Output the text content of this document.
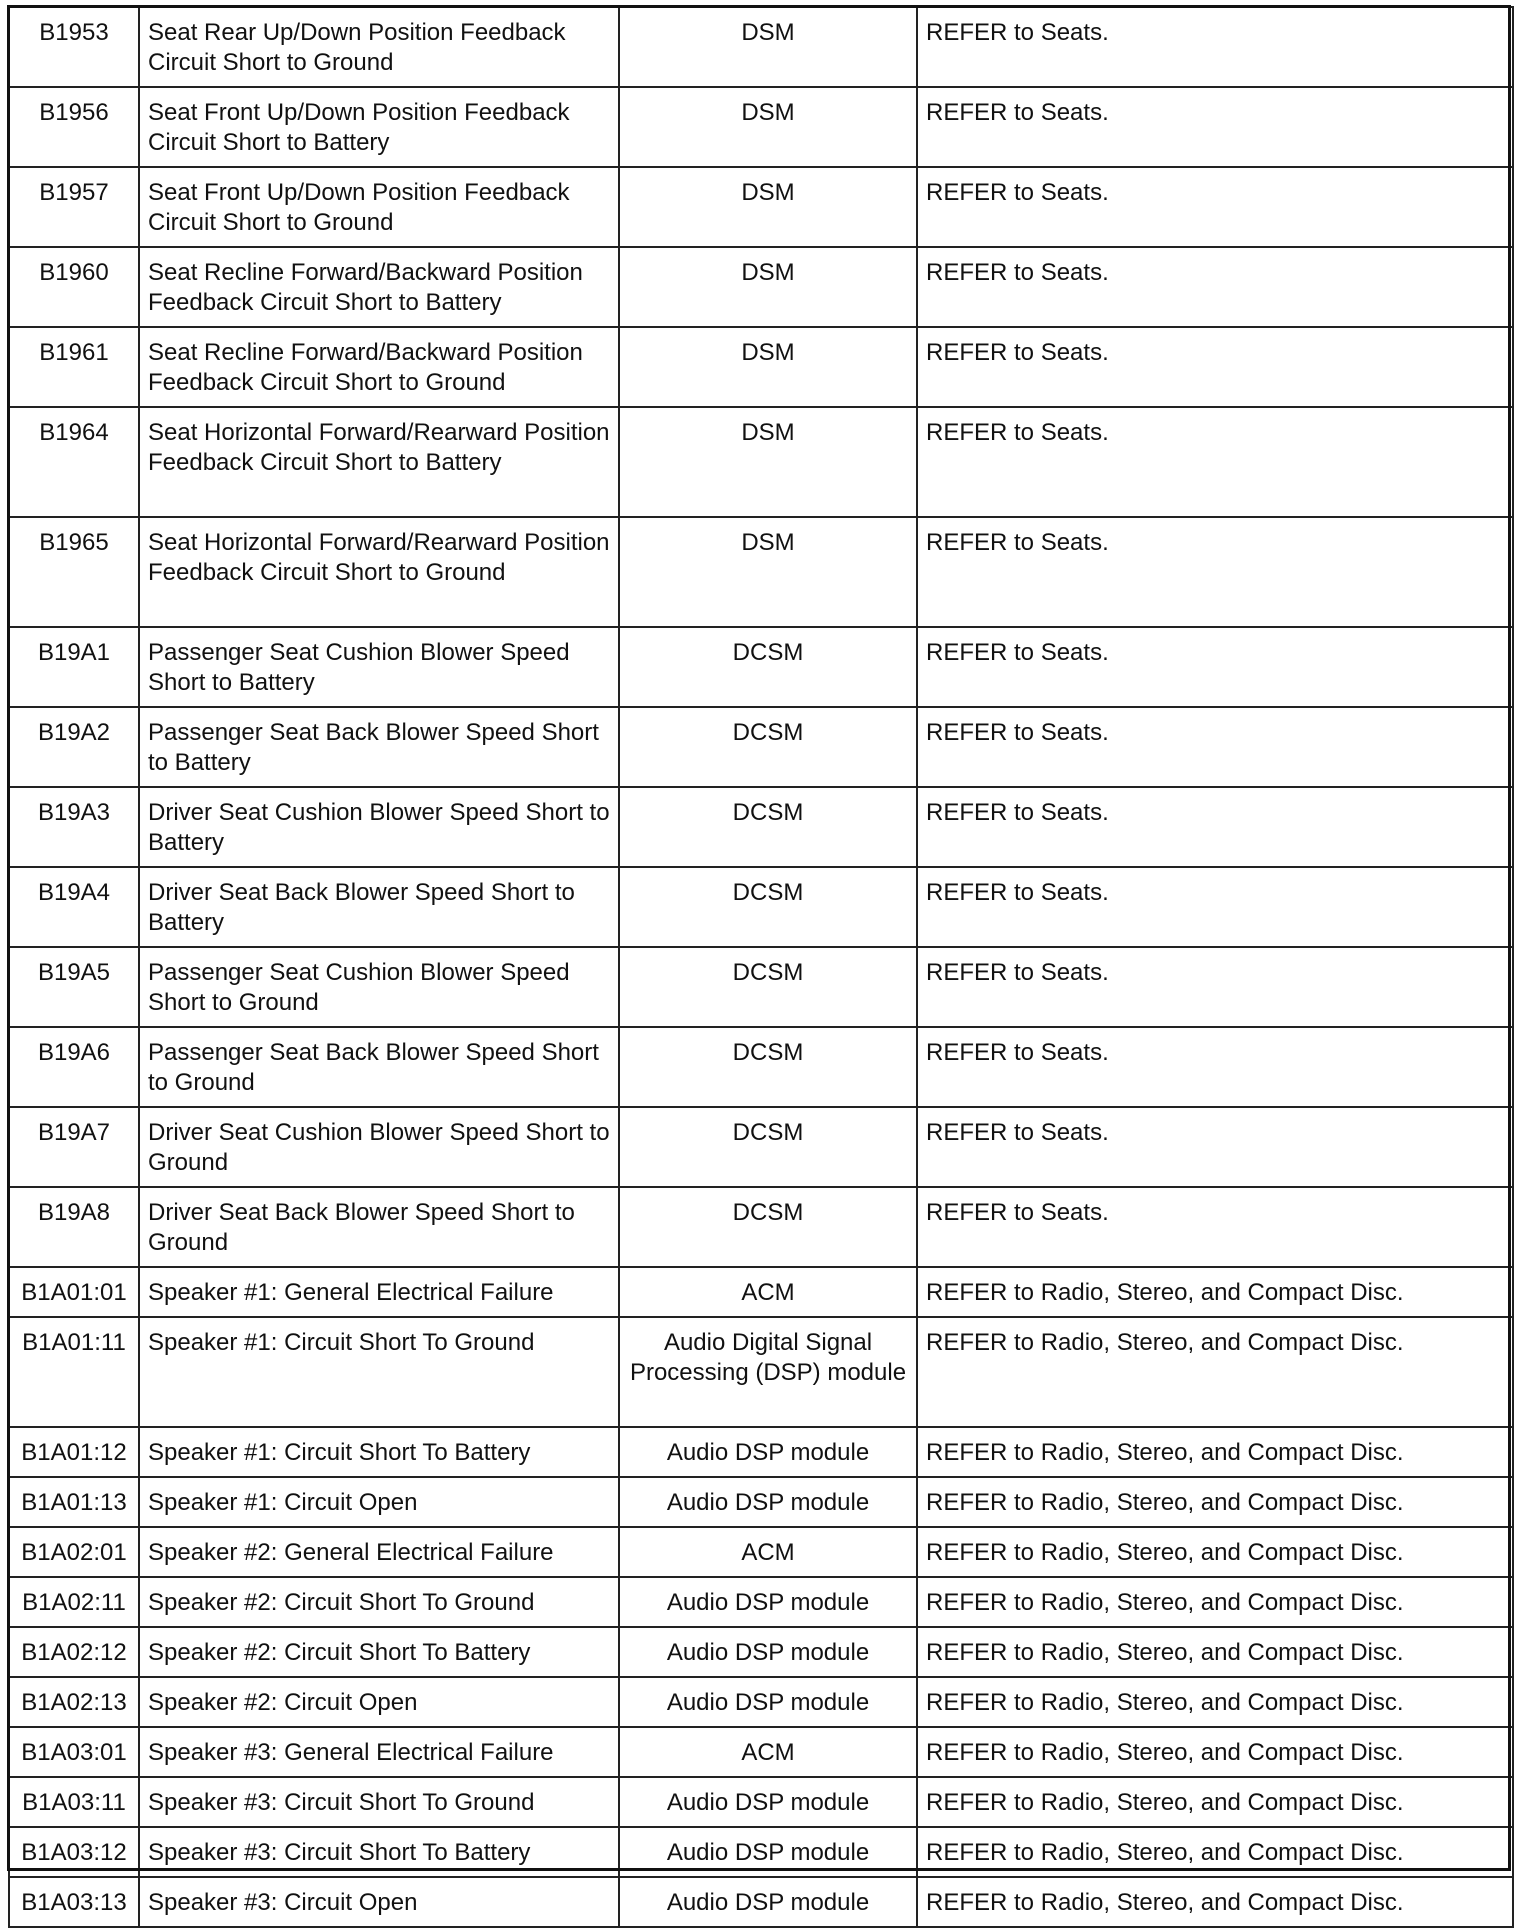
B1953	Seat Rear Up/Down Position Feedback Circuit Short to Ground	DSM	REFER to Seats.
B1956	Seat Front Up/Down Position Feedback Circuit Short to Battery	DSM	REFER to Seats.
B1957	Seat Front Up/Down Position Feedback Circuit Short to Ground	DSM	REFER to Seats.
B1960	Seat Recline Forward/Backward Position Feedback Circuit Short to Battery	DSM	REFER to Seats.
B1961	Seat Recline Forward/Backward Position Feedback Circuit Short to Ground	DSM	REFER to Seats.
B1964	Seat Horizontal Forward/Rearward Position Feedback Circuit Short to Battery	DSM	REFER to Seats.
B1965	Seat Horizontal Forward/Rearward Position Feedback Circuit Short to Ground	DSM	REFER to Seats.
B19A1	Passenger Seat Cushion Blower Speed Short to Battery	DCSM	REFER to Seats.
B19A2	Passenger Seat Back Blower Speed Short to Battery	DCSM	REFER to Seats.
B19A3	Driver Seat Cushion Blower Speed Short to Battery	DCSM	REFER to Seats.
B19A4	Driver Seat Back Blower Speed Short to Battery	DCSM	REFER to Seats.
B19A5	Passenger Seat Cushion Blower Speed Short to Ground	DCSM	REFER to Seats.
B19A6	Passenger Seat Back Blower Speed Short to Ground	DCSM	REFER to Seats.
B19A7	Driver Seat Cushion Blower Speed Short to Ground	DCSM	REFER to Seats.
B19A8	Driver Seat Back Blower Speed Short to Ground	DCSM	REFER to Seats.
B1A01:01	Speaker #1: General Electrical Failure	ACM	REFER to Radio, Stereo, and Compact Disc.
B1A01:11	Speaker #1: Circuit Short To Ground	Audio Digital Signal Processing (DSP) module	REFER to Radio, Stereo, and Compact Disc.
B1A01:12	Speaker #1: Circuit Short To Battery	Audio DSP module	REFER to Radio, Stereo, and Compact Disc.
B1A01:13	Speaker #1: Circuit Open	Audio DSP module	REFER to Radio, Stereo, and Compact Disc.
B1A02:01	Speaker #2: General Electrical Failure	ACM	REFER to Radio, Stereo, and Compact Disc.
B1A02:11	Speaker #2: Circuit Short To Ground	Audio DSP module	REFER to Radio, Stereo, and Compact Disc.
B1A02:12	Speaker #2: Circuit Short To Battery	Audio DSP module	REFER to Radio, Stereo, and Compact Disc.
B1A02:13	Speaker #2: Circuit Open	Audio DSP module	REFER to Radio, Stereo, and Compact Disc.
B1A03:01	Speaker #3: General Electrical Failure	ACM	REFER to Radio, Stereo, and Compact Disc.
B1A03:11	Speaker #3: Circuit Short To Ground	Audio DSP module	REFER to Radio, Stereo, and Compact Disc.
B1A03:12	Speaker #3: Circuit Short To Battery	Audio DSP module	REFER to Radio, Stereo, and Compact Disc.
B1A03:13	Speaker #3: Circuit Open	Audio DSP module	REFER to Radio, Stereo, and Compact Disc.
